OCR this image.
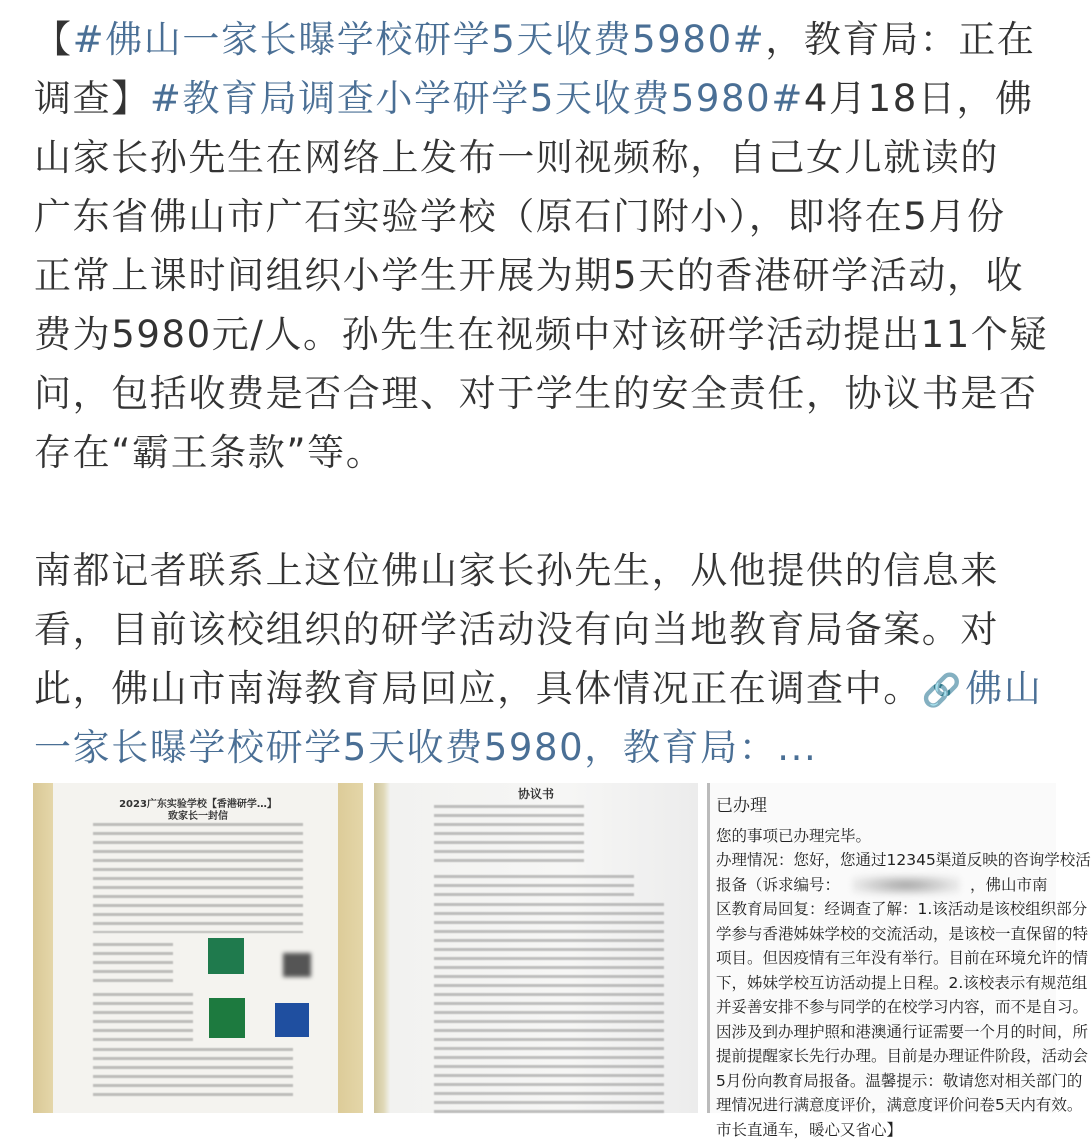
【#佛山一家长曝学校研学5天收费5980#，教育局：正在
调查】#教育局调查小学研学5天收费5980#4月18日，佛
山家长孙先生在网络上发布一则视频称，自己女儿就读的
广东省佛山市广石实验学校（原石门附小），即将在5月份
正常上课时间组织小学生开展为期5天的香港研学活动，收
费为5980元/人。孙先生在视频中对该研学活动提出11个疑
问，包括收费是否合理、对于学生的安全责任，协议书是否
存在“霸王条款”等。
南都记者联系上这位佛山家长孙先生，从他提供的信息来
看，目前该校组织的研学活动没有向当地教育局备案。对
此，佛山市南海教育局回应，具体情况正在调查中。🔗佛山
一家长曝学校研学5天收费5980，教育局：...
2023广东实验学校【香港研学…】
致家长一封信
协议书
已办理
您的事项已办理完毕。
办理情况：您好，您通过12345渠道反映的咨询学校活
报备（诉求编号：
区教育局回复：经调查了解：1.该活动是该校组织部分
学参与香港姊妹学校的交流活动，是该校一直保留的特
项目。但因疫情有三年没有举行。目前在环境允许的情
下，姊妹学校互访活动提上日程。2.该校表示有规范组
并妥善安排不参与同学的在校学习内容，而不是自习。
因涉及到办理护照和港澳通行证需要一个月的时间，所
提前提醒家长先行办理。目前是办理证件阶段，活动会
5月份向教育局报备。温馨提示：敬请您对相关部门的
理情况进行满意度评价，满意度评价问卷5天内有效。
市长直通车，暖心又省心】
，佛山市南
